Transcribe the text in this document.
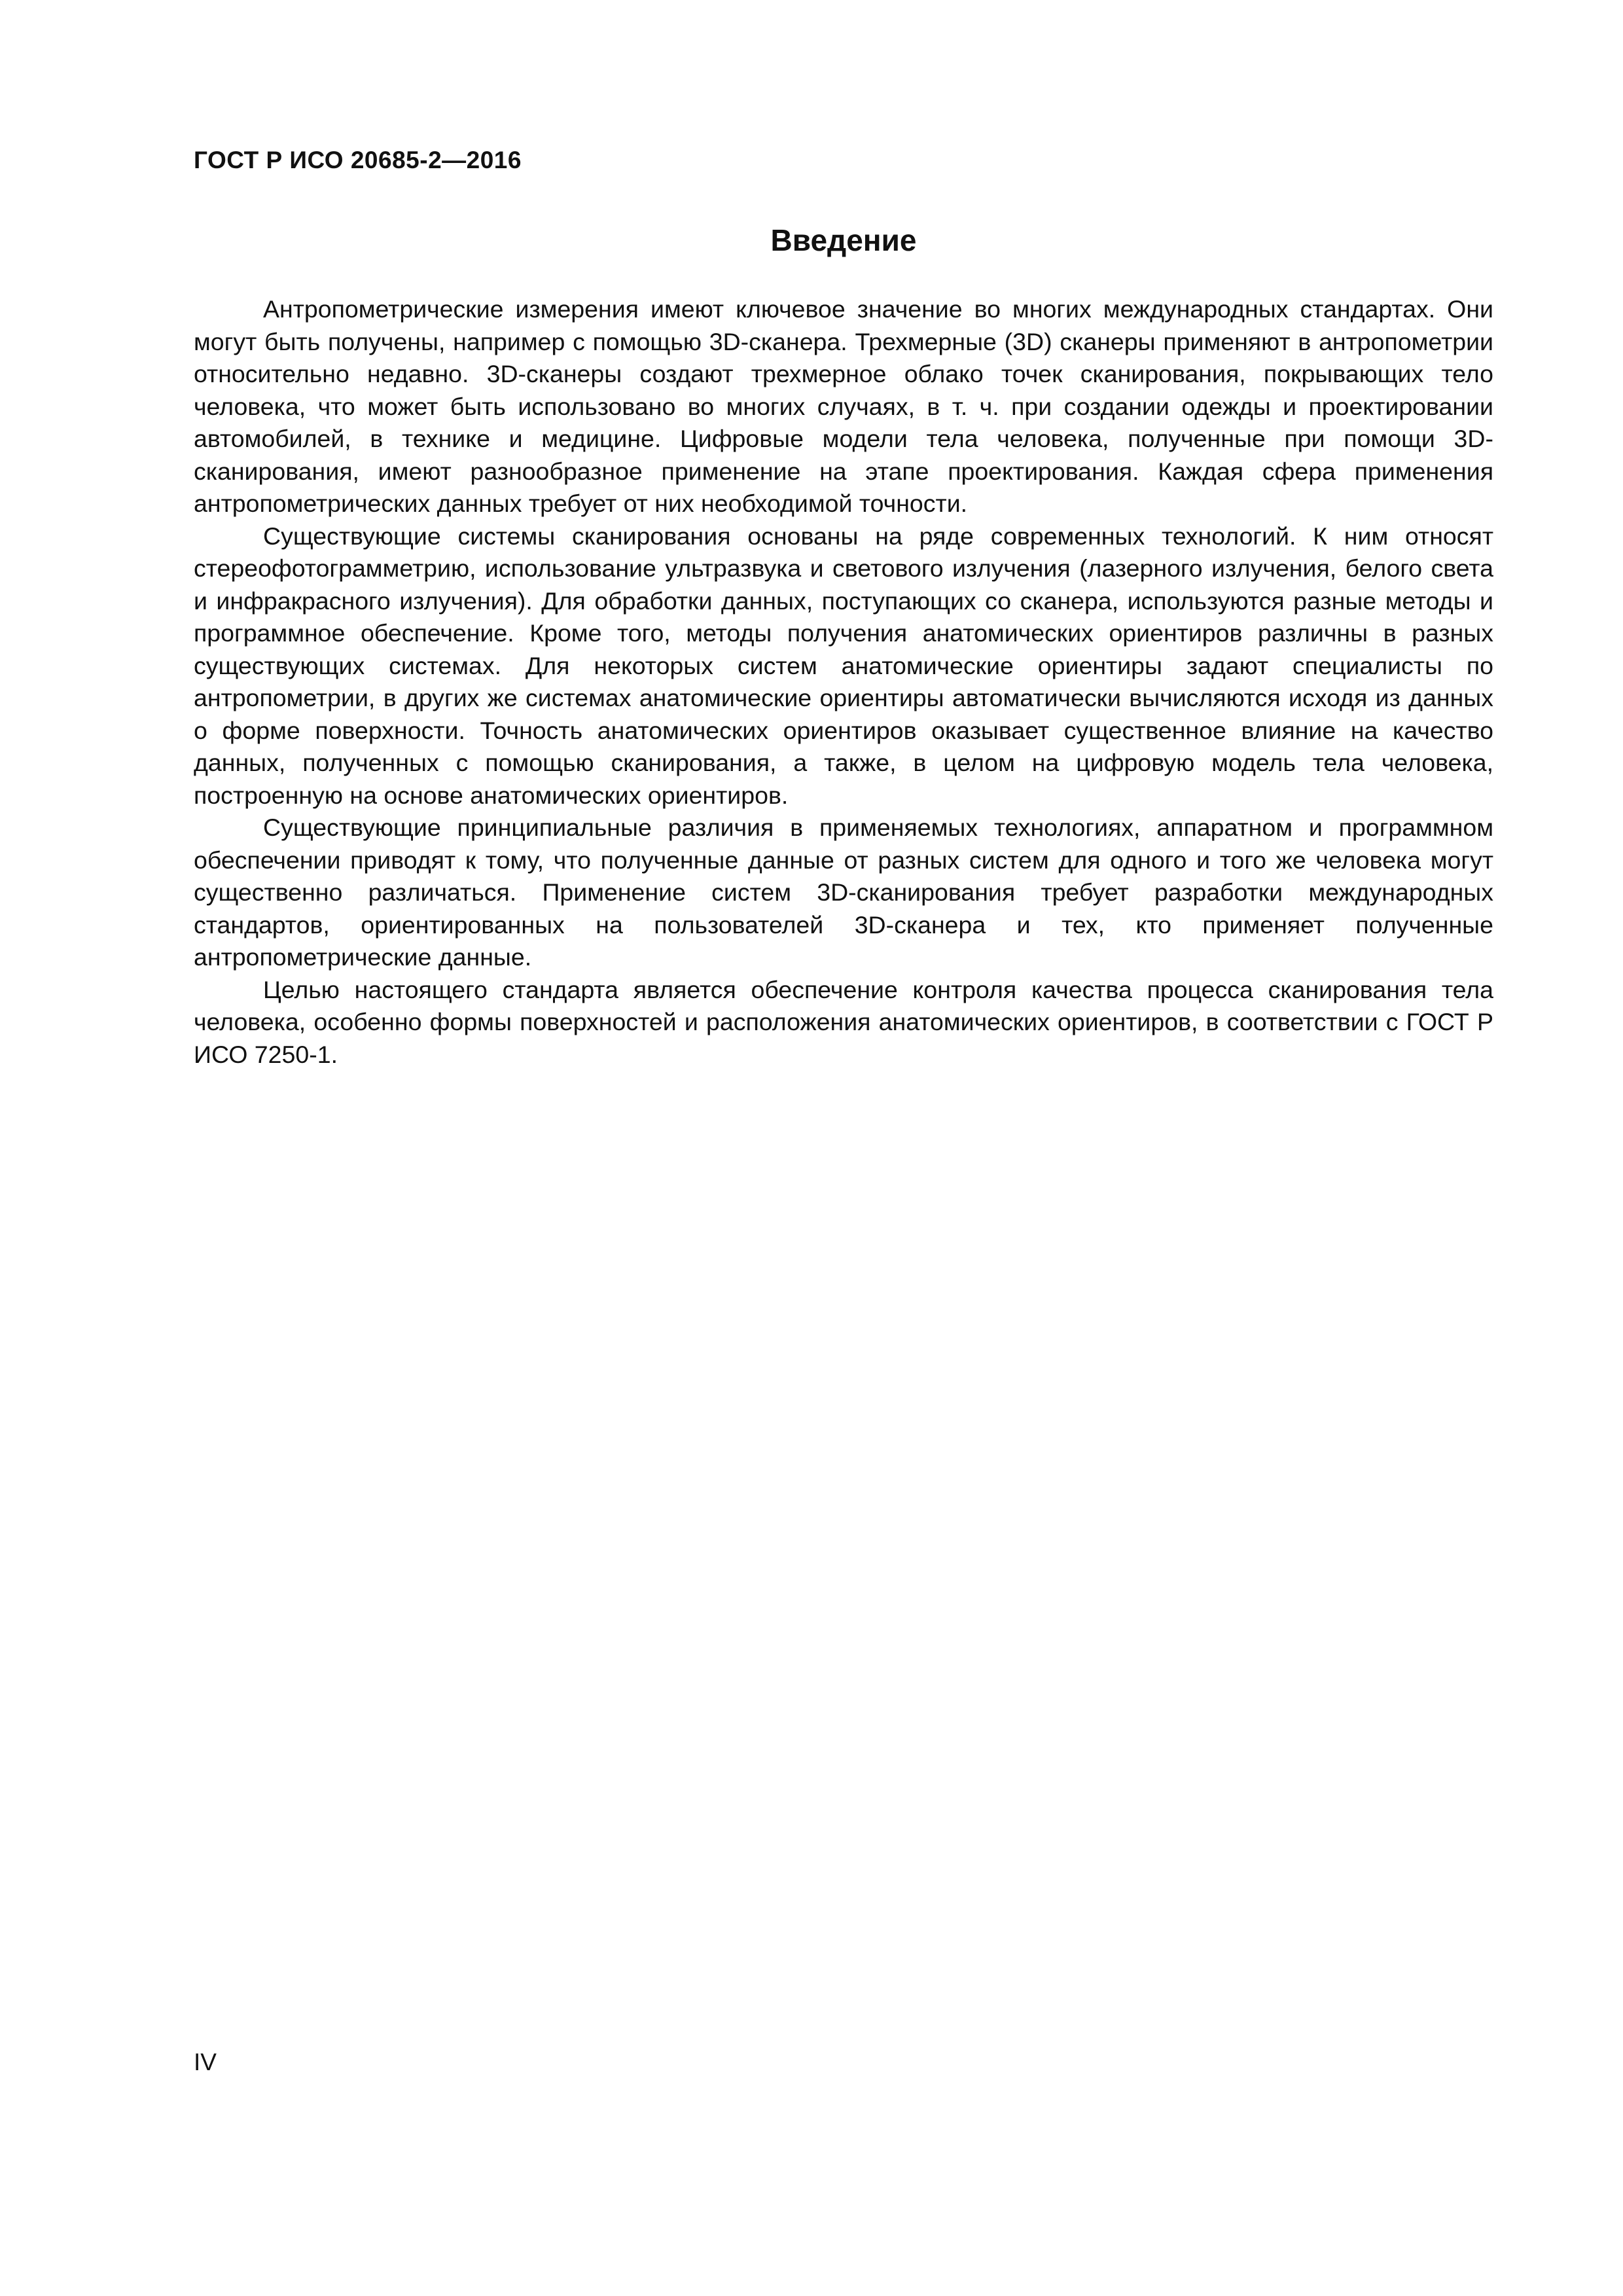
ГОСТ Р ИСО 20685-2—2016
Введение

Антропометрические измерения имеют ключевое значение во многих международных стандартах. Они могут быть получены, например с помощью 3D-сканера. Трехмерные (3D) сканеры применяют в антропометрии относительно недавно. 3D-сканеры создают трехмерное облако точек сканирования, покрывающих тело человека, что может быть использовано во многих случаях, в т. ч. при создании одежды и проектировании автомобилей, в технике и медицине. Цифровые модели тела человека, полученные при помощи 3D-сканирования, имеют разнообразное применение на этапе проектирования. Каждая сфера применения антропометрических данных требует от них необходимой точности.

Существующие системы сканирования основаны на ряде современных технологий. К ним относят стереофотограмметрию, использование ультразвука и светового излучения (лазерного излучения, белого света и инфракрасного излучения). Для обработки данных, поступающих со сканера, используются разные методы и программное обеспечение. Кроме того, методы получения анатомических ориентиров различны в разных существующих системах. Для некоторых систем анатомические ориентиры задают специалисты по антропометрии, в других же системах анатомические ориентиры автоматически вычисляются исходя из данных о форме поверхности. Точность анатомических ориентиров оказывает существенное влияние на качество данных, полученных с помощью сканирования, а также, в целом на цифровую модель тела человека, построенную на основе анатомических ориентиров.

Существующие принципиальные различия в применяемых технологиях, аппаратном и программном обеспечении приводят к тому, что полученные данные от разных систем для одного и того же человека могут существенно различаться. Применение систем 3D-сканирования требует разработки международных стандартов, ориентированных на пользователей 3D-сканера и тех, кто применяет полученные антропометрические данные.

Целью настоящего стандарта является обеспечение контроля качества процесса сканирования тела человека, особенно формы поверхностей и расположения анатомических ориентиров, в соответствии с ГОСТ Р ИСО 7250-1.

IV
